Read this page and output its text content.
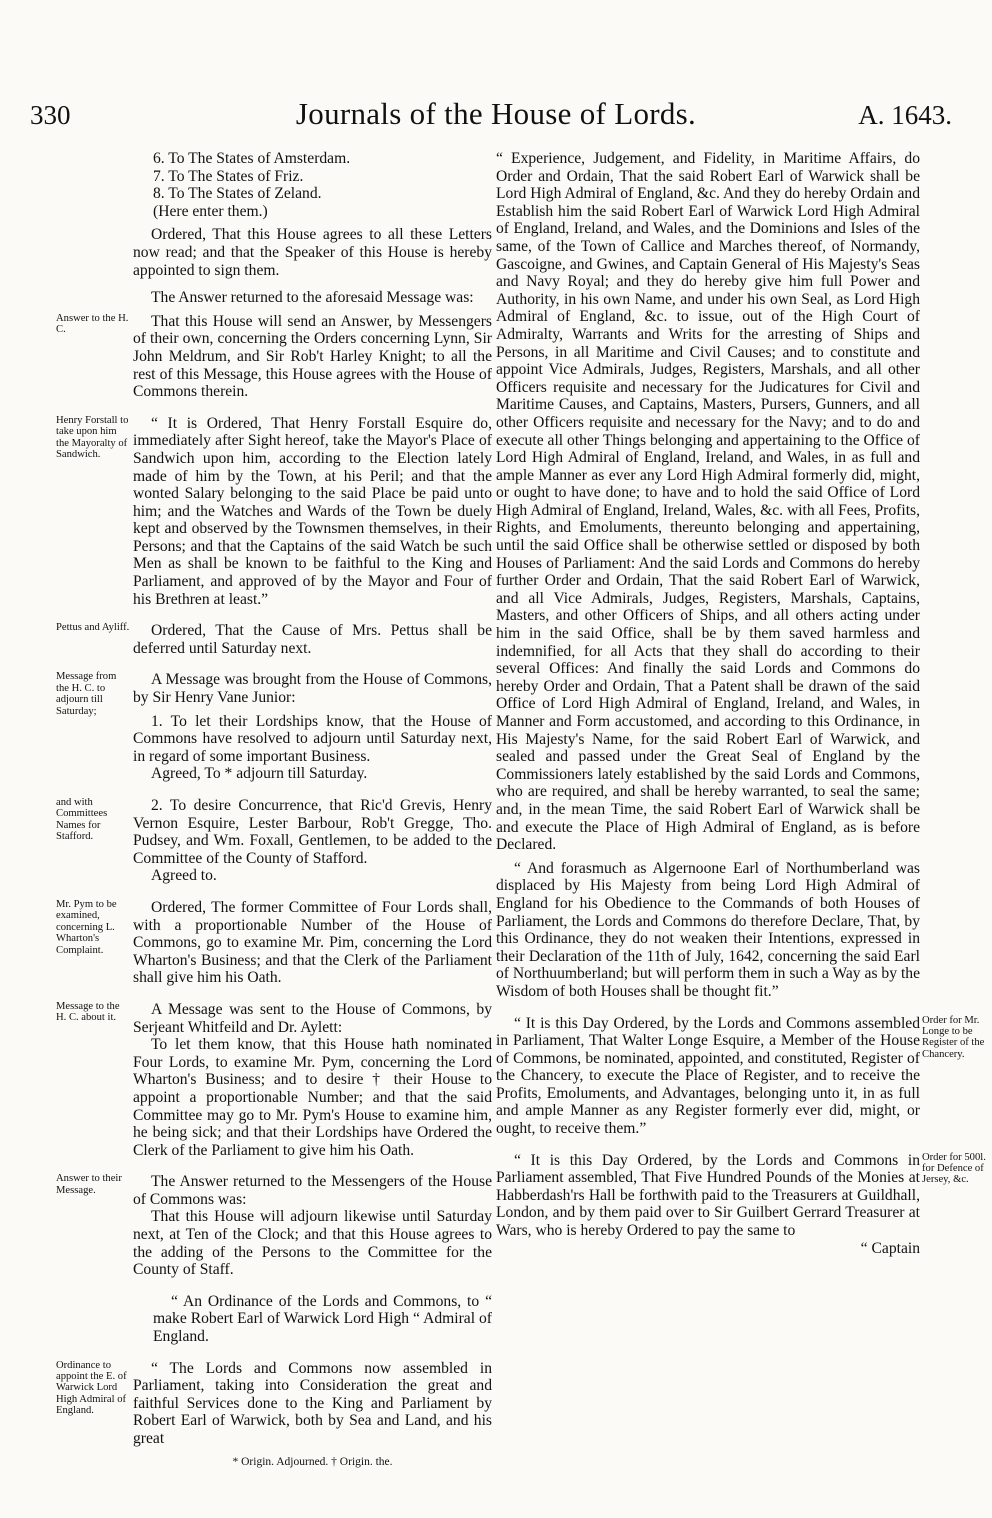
Journals of the House of Lords.
330	A. 1643.
6. To The States of Amsterdam.
7. To The States of Friz.
8. To The States of Zeland.
(Here enter them.)

Ordered, That this House agrees to all these Letters now read; and that the Speaker of this House is hereby appointed to sign them.

The Answer returned to the aforesaid Message was:

Answer to the H. C.	That this House will send an Answer, by Messengers of their own, concerning the Orders concerning Lynn, Sir John Meldrum, and Sir Rob't Harley Knight; to all the rest of this Message, this House agrees with the House of Commons therein.

Henry Forstall to take upon him the Mayoralty of Sandwich.

“ It is Ordered, That Henry Forstall Esquire do, immediately after Sight hereof, take the Mayor's Place of Sandwich upon him, according to the Election lately made of him by the Town, at his Peril; and that the wonted Salary belonging to the said Place be paid unto him; and the Watches and Wards of the Town be duely kept and observed by the Townsmen themselves, in their Persons; and that the Captains of the said Watch be such Men as shall be known to be faithful to the King and Parliament, and approved of by the Mayor and Four of his Brethren at least.”

Pettus and Ayliff.	Ordered, That the Cause of Mrs. Pettus shall be deferred until Saturday next.

Message from the H. C. to adjourn till Saturday;

A Message was brought from the House of Commons, by Sir Henry Vane Junior:

1. To let their Lordships know, that the House of Commons have resolved to adjourn until Saturday next, in regard of some important Business.

Agreed, To * adjourn till Saturday.

and with Committees Names for Stafford.

2. To desire Concurrence, that Ric'd Grevis, Henry Vernon Esquire, Lester Barbour, Rob't Gregge, Tho. Pudsey, and Wm. Foxall, Gentlemen, to be added to the Committee of the County of Stafford.

Agreed to.

Mr. Pym to be examined, concerning L. Wharton's Complaint.

Ordered, The former Committee of Four Lords shall, with a proportionable Number of the House of Commons, go to examine Mr. Pim, concerning the Lord Wharton's Business; and that the Clerk of the Parliament shall give him his Oath.

Message to the H. C. about it.	A Message was sent to the House of Commons, by Serjeant Whitfeild and Dr. Aylett:

To let them know, that this House hath nominated Four Lords, to examine Mr. Pym, concerning the Lord Wharton's Business; and to desire † their House to appoint a proportionable Number; and that the said Committee may go to Mr. Pym's House to examine him, he being sick; and that their Lordships have Ordered the Clerk of the Parliament to give him his Oath.

Answer to their Message.	The Answer returned to the Messengers of the House of Commons was:

That this House will adjourn likewise until Saturday next, at Ten of the Clock; and that this House agrees to the adding of the Persons to the Committee for the County of Staff.

“ An Ordinance of the Lords and Commons, to “ make Robert Earl of Warwick Lord High “ Admiral of England.

Ordinance to appoint the E. of Warwick Lord High Admiral of England.

“ The Lords and Commons now assembled in Parliament, taking into Consideration the great and faithful Services done to the King and Parliament by Robert Earl of Warwick, both by Sea and Land, and his great

* Origin. Adjourned. † Origin. the.

“ Experience, Judgement, and Fidelity, in Maritime Affairs, do Order and Ordain, That the said Robert Earl of Warwick shall be Lord High Admiral of England, &c. And they do hereby Ordain and Establish him the said Robert Earl of Warwick Lord High Admiral of England, Ireland, and Wales, and the Dominions and Isles of the same, of the Town of Callice and Marches thereof, of Normandy, Gascoigne, and Gwines, and Captain General of His Majesty's Seas and Navy Royal; and they do hereby give him full Power and Authority, in his own Name, and under his own Seal, as Lord High Admiral of England, &c. to issue, out of the High Court of Admiralty, Warrants and Writs for the arresting of Ships and Persons, in all Maritime and Civil Causes; and to constitute and appoint Vice Admirals, Judges, Registers, Marshals, and all other Officers requisite and necessary for the Judicatures for Civil and Maritime Causes, and Captains, Masters, Pursers, Gunners, and all other Officers requisite and necessary for the Navy; and to do and execute all other Things belonging and appertaining to the Office of Lord High Admiral of England, Ireland, and Wales, in as full and ample Manner as ever any Lord High Admiral formerly did, might, or ought to have done; to have and to hold the said Office of Lord High Admiral of England, Ireland, Wales, &c. with all Fees, Profits, Rights, and Emoluments, thereunto belonging and appertaining, until the said Office shall be otherwise settled or disposed by both Houses of Parliament: And the said Lords and Commons do hereby further Order and Ordain, That the said Robert Earl of Warwick, and all Vice Admirals, Judges, Registers, Marshals, Captains, Masters, and other Officers of Ships, and all others acting under him in the said Office, shall be by them saved harmless and indemnified, for all Acts that they shall do according to their several Offices: And finally the said Lords and Commons do hereby Order and Ordain, That a Patent shall be drawn of the said Office of Lord High Admiral of England, Ireland, and Wales, in Manner and Form accustomed, and according to this Ordinance, in His Majesty's Name, for the said Robert Earl of Warwick, and sealed and passed under the Great Seal of England by the Commissioners lately established by the said Lords and Commons, who are required, and shall be hereby warranted, to seal the same; and, in the mean Time, the said Robert Earl of Warwick shall be and execute the Place of High Admiral of England, as is before Declared.

“ And forasmuch as Algernoone Earl of Northumberland was displaced by His Majesty from being Lord High Admiral of England for his Obedience to the Commands of both Houses of Parliament, the Lords and Commons do therefore Declare, That, by this Ordinance, they do not weaken their Intentions, expressed in their Declaration of the 11th of July, 1642, concerning the said Earl of Northuumberland; but will perform them in such a Way as by the Wisdom of both Houses shall be thought fit.”

Order for Mr. Longe to be Register of the Chancery.

“ It is this Day Ordered, by the Lords and Commons assembled in Parliament, That Walter Longe Esquire, a Member of the House of Commons, be nominated, appointed, and constituted, Register of the Chancery, to execute the Place of Register, and to receive the Profits, Emoluments, and Advantages, belonging unto it, in as full and ample Manner as any Register formerly ever did, might, or ought, to receive them.”

Order for 500l. for Defence of Jersey, &c.

“ It is this Day Ordered, by the Lords and Commons in Parliament assembled, That Five Hundred Pounds of the Monies at Habberdash'rs Hall be forthwith paid to the Treasurers at Guildhall, London, and by them paid over to Sir Guilbert Gerrard Treasurer at Wars, who is hereby Ordered to pay the same to

“ Captain
